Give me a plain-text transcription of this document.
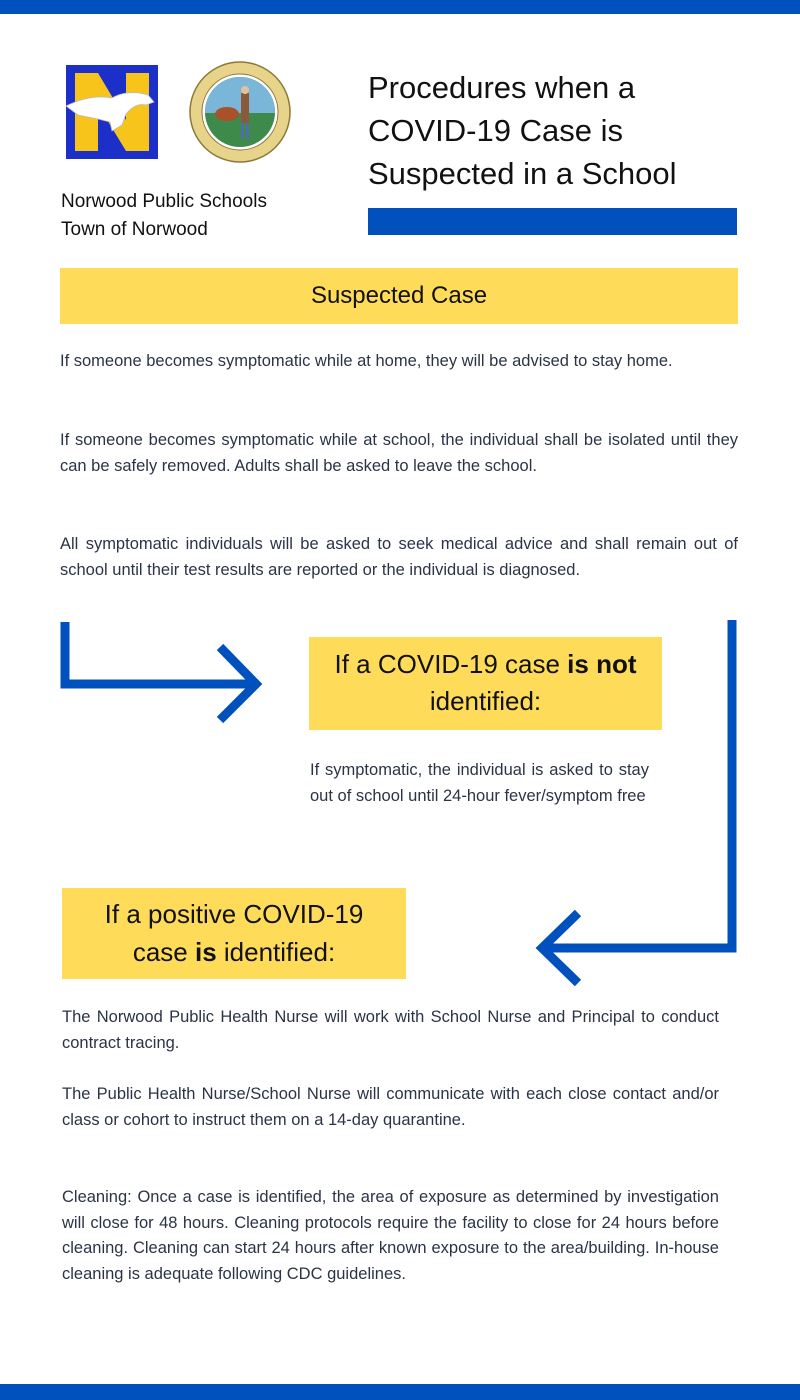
Norwood Public Schools
Town of Norwood
Procedures when a
COVID-19 Case is
Suspected in a School
Suspected Case
If someone becomes symptomatic while at home, they will be advised to stay home.
If someone becomes symptomatic while at school, the individual shall be isolated until they can be safely removed. Adults shall be asked to leave the school.
All symptomatic individuals will be asked to seek medical advice and shall remain out of school until their test results are reported or the individual is diagnosed.
If a COVID-19 case is not
identified:
If symptomatic, the individual is asked to stay out of school until 24-hour fever/symptom free
If a positive COVID-19
case is identified:
The Norwood Public Health Nurse will work with School Nurse and Principal to conduct contract tracing.
The Public Health Nurse/School Nurse will communicate with each close contact and/or class or cohort to instruct them on a 14-day quarantine.
Cleaning: Once a case is identified, the area of exposure as determined by investigation will close for 48 hours. Cleaning protocols require the facility to close for 24 hours before cleaning. Cleaning can start 24 hours after known exposure to the area/building. In-house cleaning is adequate following CDC guidelines.
